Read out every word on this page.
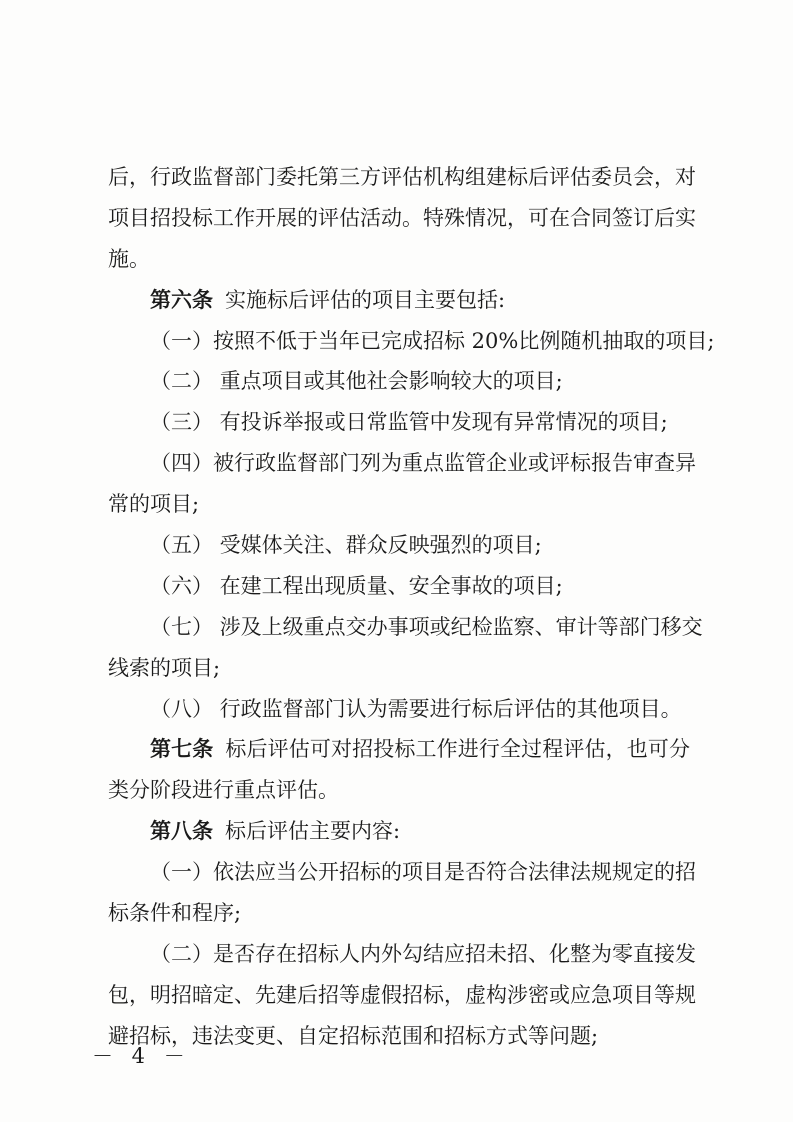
后，行政监督部门委托第三方评估机构组建标后评估委员会，对
项目招投标工作开展的评估活动。特殊情况，可在合同签订后实
施。
第六条 实施标后评估的项目主要包括:
（一）按照不低于当年已完成招标 20%比例随机抽取的项目;
（二） 重点项目或其他社会影响较大的项目;
（三） 有投诉举报或日常监管中发现有异常情况的项目;
（四）被行政监督部门列为重点监管企业或评标报告审查异
常的项目;
（五） 受媒体关注、群众反映强烈的项目;
（六） 在建工程出现质量、安全事故的项目;
（七） 涉及上级重点交办事项或纪检监察、审计等部门移交
线索的项目;
（八） 行政监督部门认为需要进行标后评估的其他项目。
第七条 标后评估可对招投标工作进行全过程评估，也可分
类分阶段进行重点评估。
第八条 标后评估主要内容:
（一）依法应当公开招标的项目是否符合法律法规规定的招
标条件和程序;
（二）是否存在招标人内外勾结应招未招、化整为零直接发
包，明招暗定、先建后招等虚假招标，虚构涉密或应急项目等规
避招标，违法变更、自定招标范围和招标方式等问题;
－ 4 －
